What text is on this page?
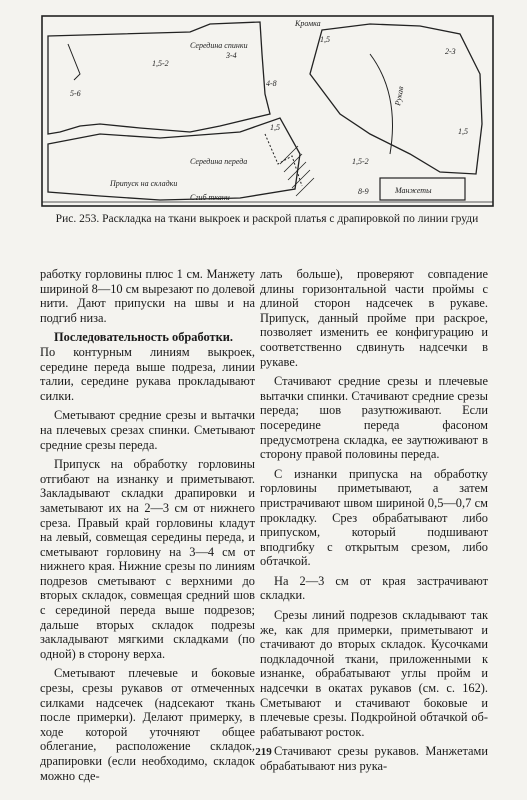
Середина спинки
Кромка
Рукав
Манжеты
Припуск на складки
Сгиб ткани
Середина переда
1,5-2
3-4
4-8
5-6
1,5
1,5
2-3
1,5-2
1,5
8-9
Рис. 253. Раскладка на ткани выкроек и раскрой платья с драпировкой по линии груди

работку горловины плюс 1 см. Манжету шириной 8—10 см вырезают по долевой нити. Дают припуски на швы и на подгиб низа.

Последовательность обработки.

По контурным линиям выкроек, середине переда выше подреза, линии талии, середине рукава прокладывают силки.

Сметывают средние срезы и вытачки на плечевых срезах спинки. Сметывают средние срезы переда.

Припуск на обработку горловины отгибают на изнанку и приметывают. Закладывают складки драпировки и заметывают их на 2—3 см от нижнего среза. Правый край горловины кладут на левый, совмещая середины переда, и сметывают горловину на 3—4 см от нижнего края. Нижние срезы по линиям подрезов сметывают с верхними до вторых складок, совмещая средний шов с серединой переда выше подрезов; дальше вторых складок подрезы закладывают мягкими складками (по одной) в сторону верха.

Сметывают плечевые и боковые срезы, срезы рукавов от отмеченных силками надсечек (надсекают ткань после примерки). Делают примерку, в ходе которой уточняют общее облегание, расположение складок, драпировки (если необходимо, складок можно сде-

лать больше), проверяют совпадение длины горизонтальной части проймы с длиной сторон надсечек в рукаве. Припуск, данный пройме при раскрое, позволяет изменить ее конфигурацию и соответственно сдвинуть надсечки в рукаве.

Стачивают средние срезы и плечевые вытачки спинки. Стачивают средние срезы переда; шов разутюживают. Если посередине переда фасоном предусмотрена складка, ее заутюживают в сторону правой половины переда.

С изнанки припуска на обработку горловины приметывают, а затем пристрачивают швом шириной 0,5—0,7 см прокладку. Срез обрабатывают либо припуском, который подшивают вподгибку с открытым срезом, либо обтачкой.

На 2—3 см от края застрачивают складки.

Срезы линий подрезов складывают так же, как для примерки, приметывают и стачивают до вторых складок. Кусочками подкладочной ткани, приложенными к изнанке, обрабатывают углы пройм и надсечки в окатах рукавов (см. с. 162). Сметывают и стачивают боковые и плечевые срезы. Подкройной обтачкой обрабатывают росток.

Стачивают срезы рукавов. Манжетами обрабатывают низ рука-

219
